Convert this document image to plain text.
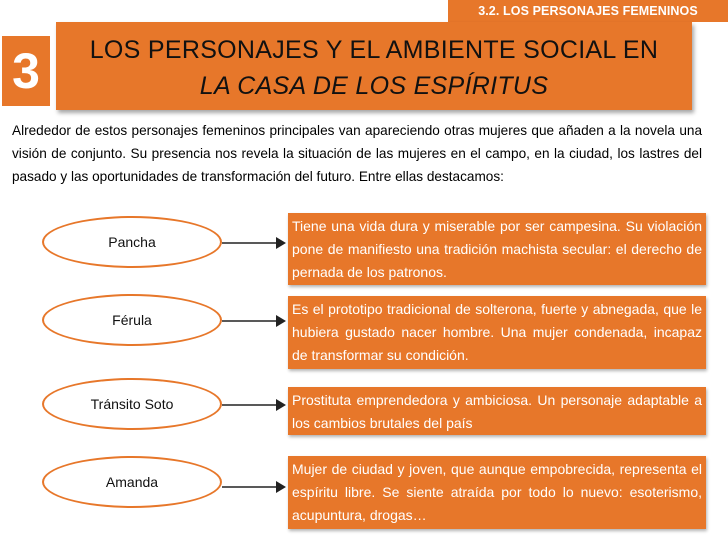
3.2. LOS PERSONAJES FEMENINOS
3	LOS PERSONAJES Y EL AMBIENTE SOCIAL EN
LA CASA DE LOS ESPÍRITUS
Alrededor de estos personajes femeninos principales van apareciendo otras mujeres que añaden a la novela una visión de conjunto. Su presencia nos revela la situación de las mujeres en el campo, en la ciudad, los lastres del pasado y las oportunidades de transformación del futuro. Entre ellas destacamos:
Pancha
Tiene una vida dura y miserable por ser campesina. Su violación pone de manifiesto una tradición machista secular: el derecho de pernada de los patronos.
Férula
Es el prototipo tradicional de solterona, fuerte y abnegada, que le hubiera gustado nacer hombre. Una mujer condenada, incapaz de transformar su condición.
Tránsito Soto	Prostituta emprendedora y ambiciosa. Un personaje adaptable a los cambios brutales del país
Amanda
Mujer de ciudad y joven, que aunque empobrecida, representa el espíritu libre. Se siente atraída por todo lo nuevo: esoterismo, acupuntura, drogas…
